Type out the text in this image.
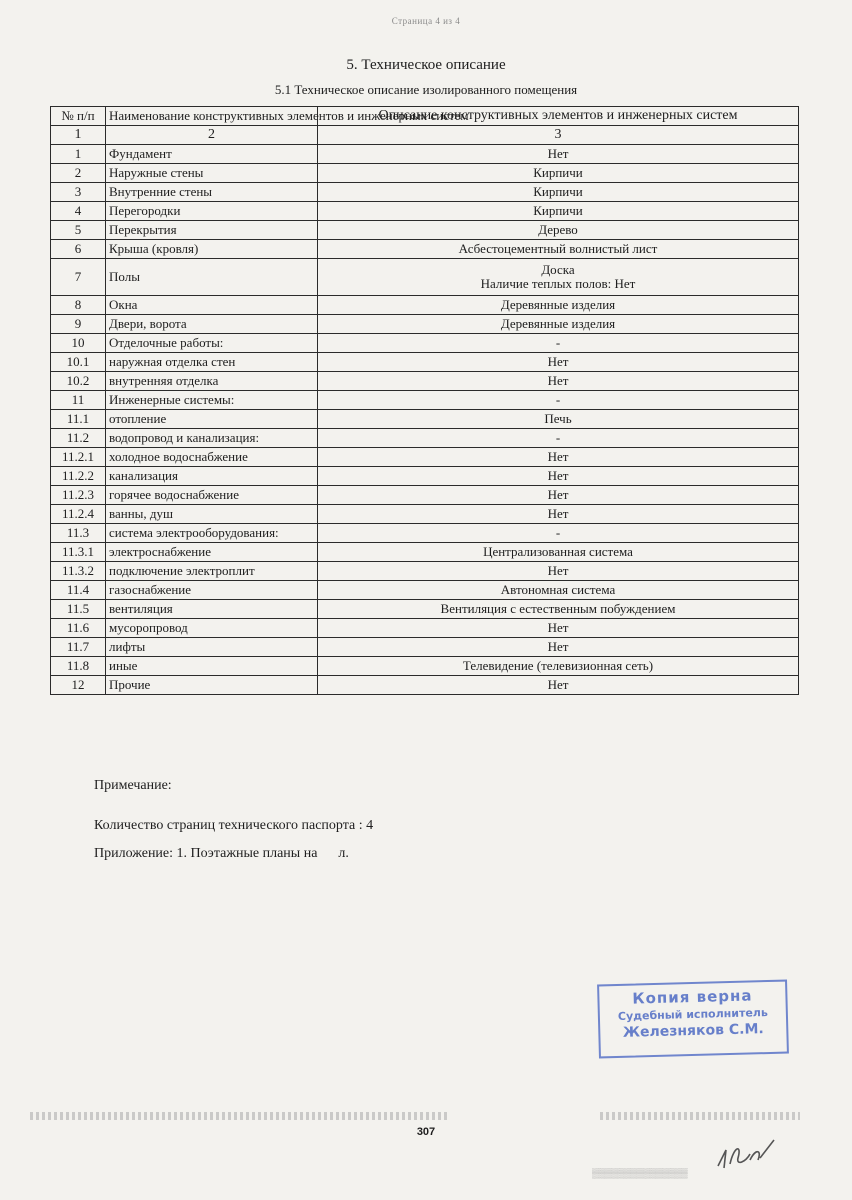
Страница 4 из 4
5. Техническое описание
5.1 Техническое описание изолированного помещения
№ п/п	Наименование конструктивных элементов и инженерных систем	Описание конструктивных элементов и инженерных систем
1	2	3
1	Фундамент	Нет
2	Наружные стены	Кирпичи
3	Внутренние стены	Кирпичи
4	Перегородки	Кирпичи
5	Перекрытия	Дерево
6	Крыша (кровля)	Асбестоцементный волнистый лист
7	Полы	Доска
Наличие теплых полов: Нет

8	Окна	Деревянные изделия
9	Двери, ворота	Деревянные изделия
10	Отделочные работы:	-
10.1	наружная отделка стен	Нет
10.2	внутренняя отделка	Нет
11	Инженерные системы:	-
11.1	отопление	Печь
11.2	водопровод и канализация:	-
11.2.1	холодное водоснабжение	Нет
11.2.2	канализация	Нет
11.2.3	горячее водоснабжение	Нет
11.2.4	ванны, душ	Нет
11.3	система электрооборудования:	-
11.3.1	электроснабжение	Централизованная система
11.3.2	подключение электроплит	Нет
11.4	газоснабжение	Автономная система
11.5	вентиляция	Вентиляция с естественным побуждением
11.6	мусоропровод	Нет
11.7	лифты	Нет
11.8	иные	Телевидение (телевизионная сеть)
12	Прочие	Нет
Примечание:
Количество страниц технического паспорта : 4
Приложение: 1. Поэтажные планы на      л.
Копия верна
Судебный исполнитель
Железняков С.М.
307
▒▒▒▒▒▒▒▒▒▒▒▒▒▒▒
